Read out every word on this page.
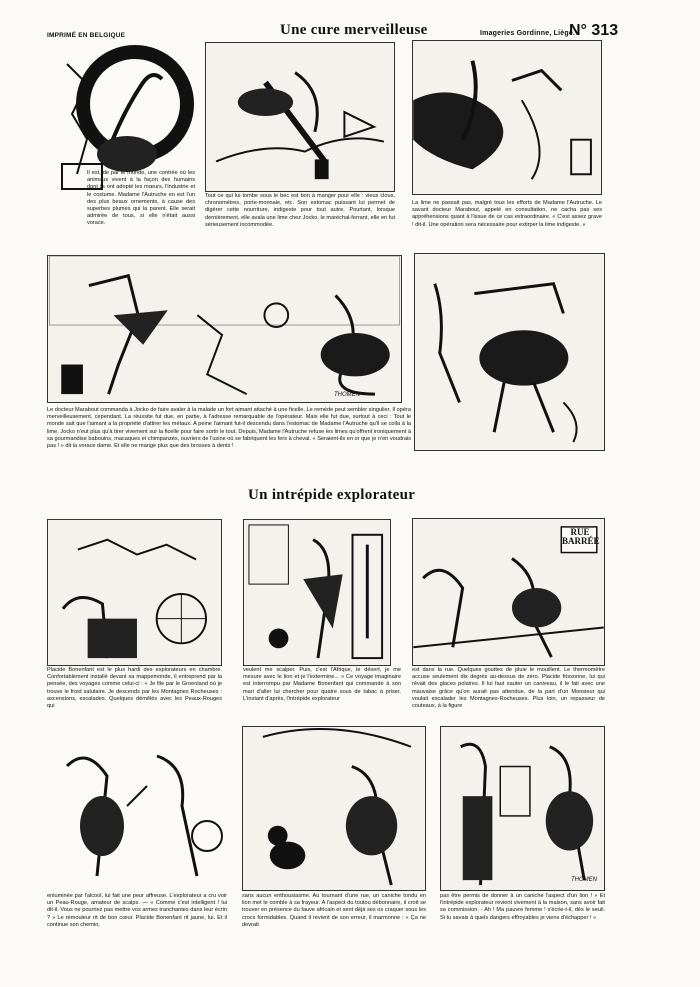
IMPRIMÉ EN BELGIQUE	Une cure merveilleuse	Imageries Gordinne, Liège.
N° 313
Il est, de par le monde, une contrée où les animaux vivent à la façon des humains dont ils ont adopté les mœurs, l'industrie et le costume. Madame l'Autruche en est l'un des plus beaux ornements, à cause des superbes plumes qui la parent. Elle serait admirée de tous, si elle n'était aussi vorace.
Tout ce qui lui tombe sous le bec est bon à manger pour elle : vieux clous, chronomètres, porte-monnaie, etc. Son estomac puissant lui permet de digérer cette nourriture, indigeste pour tout autre. Pourtant, lorsque dernièrement, elle avala une lime chez Jocko, le maréchal-ferrant, elle en fut sérieusement incommodée.
La lime ne passait pas, malgré tous les efforts de Madame l'Autruche. Le savant docteur Marabout, appelé en consultation, ne cacha pas ses appréhensions quant à l'issue de ce cas extraordinaire. « C'est assez grave ! dit-il. Une opération sera nécessaire pour extirper la lime indigeste. »
THOMEN
Le docteur Marabout commanda à Jocko de faire avaler à la malade un fort aimant attaché à une ficelle. Le remède peut sembler singulier. Il opéra merveilleusement, cependant. La réussite fut due, en partie, à l'adresse remarquable de l'opérateur. Mais elle fut due, surtout à ceci : Tout le monde sait que l'aimant a la propriété d'attirer les métaux. A peine l'aimant fut-il descendu dans l'estomac de Madame l'Autruche qu'il se colla à la lime. Jocko n'eut plus qu'à tirer vivement sur la ficelle pour faire sortir le tout. Depuis, Madame l'Autruche refuse les limes qu'offrent ironiquement à sa gourmandise babouins, macaques et chimpanzés, ouvriers de l'usine où se fabriquent les fers à cheval. « Seraient-ils en or que je n'en voudrais pas ! » dit la vorace dame. Et elle ne mange plus que des brosses à dents !
Un intrépide explorateur
RUE
BARRÉE
Placide Bonenfant est le plus hardi des explorateurs en chambre. Confortablement installé devant sa mappemonde, il entreprend par la pensée, des voyages comme celui-ci : « Je file par le Groenland où je trouve le froid salutaire. Je descends par les Montagnes Rocheuses : ascensions, escalades. Quelques démêlés avec les Peaux-Rouges qui
veulent me scalper. Puis, c'est l'Afrique, le désert, je me mesure avec le lion et je l'extermine... » Ce voyage imaginaire est interrompu par Madame Bonenfant qui commande à son mari d'aller lui chercher pour quatre sous de tabac à priser. L'instant d'après, l'intrépide explorateur
est dans la rue. Quelques gouttes de pluie le mouillent. Le thermomètre accuse seulement dix degrés au-dessus de zéro. Placide frissonne, lui qui rêvait des glaces polaires. Il lui faut sauter un caniveau, il le fait avec une mauvaise grâce qu'on aurait pas attendue, de la part d'un Monsieur qui voulait escalader les Montagnes-Rocheuses. Plus loin, un repasseur de couteaux, à la figure
THOMEN
enluminée par l'alcool, lui fait une peur affreuse. L'explorateur a cru voir un Peau-Rouge, amateur de scalps. — « Comme c'est intelligent ! lui dit-il. Vous ne pourriez pas mettre vos armes tranchantes dans leur écrin ? » Le rémouleur rit de bon cœur. Placide Bonenfant rit jaune, lui. Et il continue son chemin,
sans aucun enthousiasme. Au tournant d'une rue, un caniche tondu en lion met le comble à sa frayeur. A l'aspect du toutou débonnaire, il croit se trouver en présence du fauve africain et sent déjà ses os craquer sous les crocs formidables. Quand il revient de son erreur, il marmonne : « Ça ne devrait
pas être permis de donner à un caniche l'aspect d'un lion ! » Et l'intrépide explorateur revient vivement à la maison, sans avoir fait sa commission. - Ah ! Ma pauvre femme ! s'écrie-t-il, dès le seuil. Si tu savais à quels dangers effroyables je viens d'échapper ! »
